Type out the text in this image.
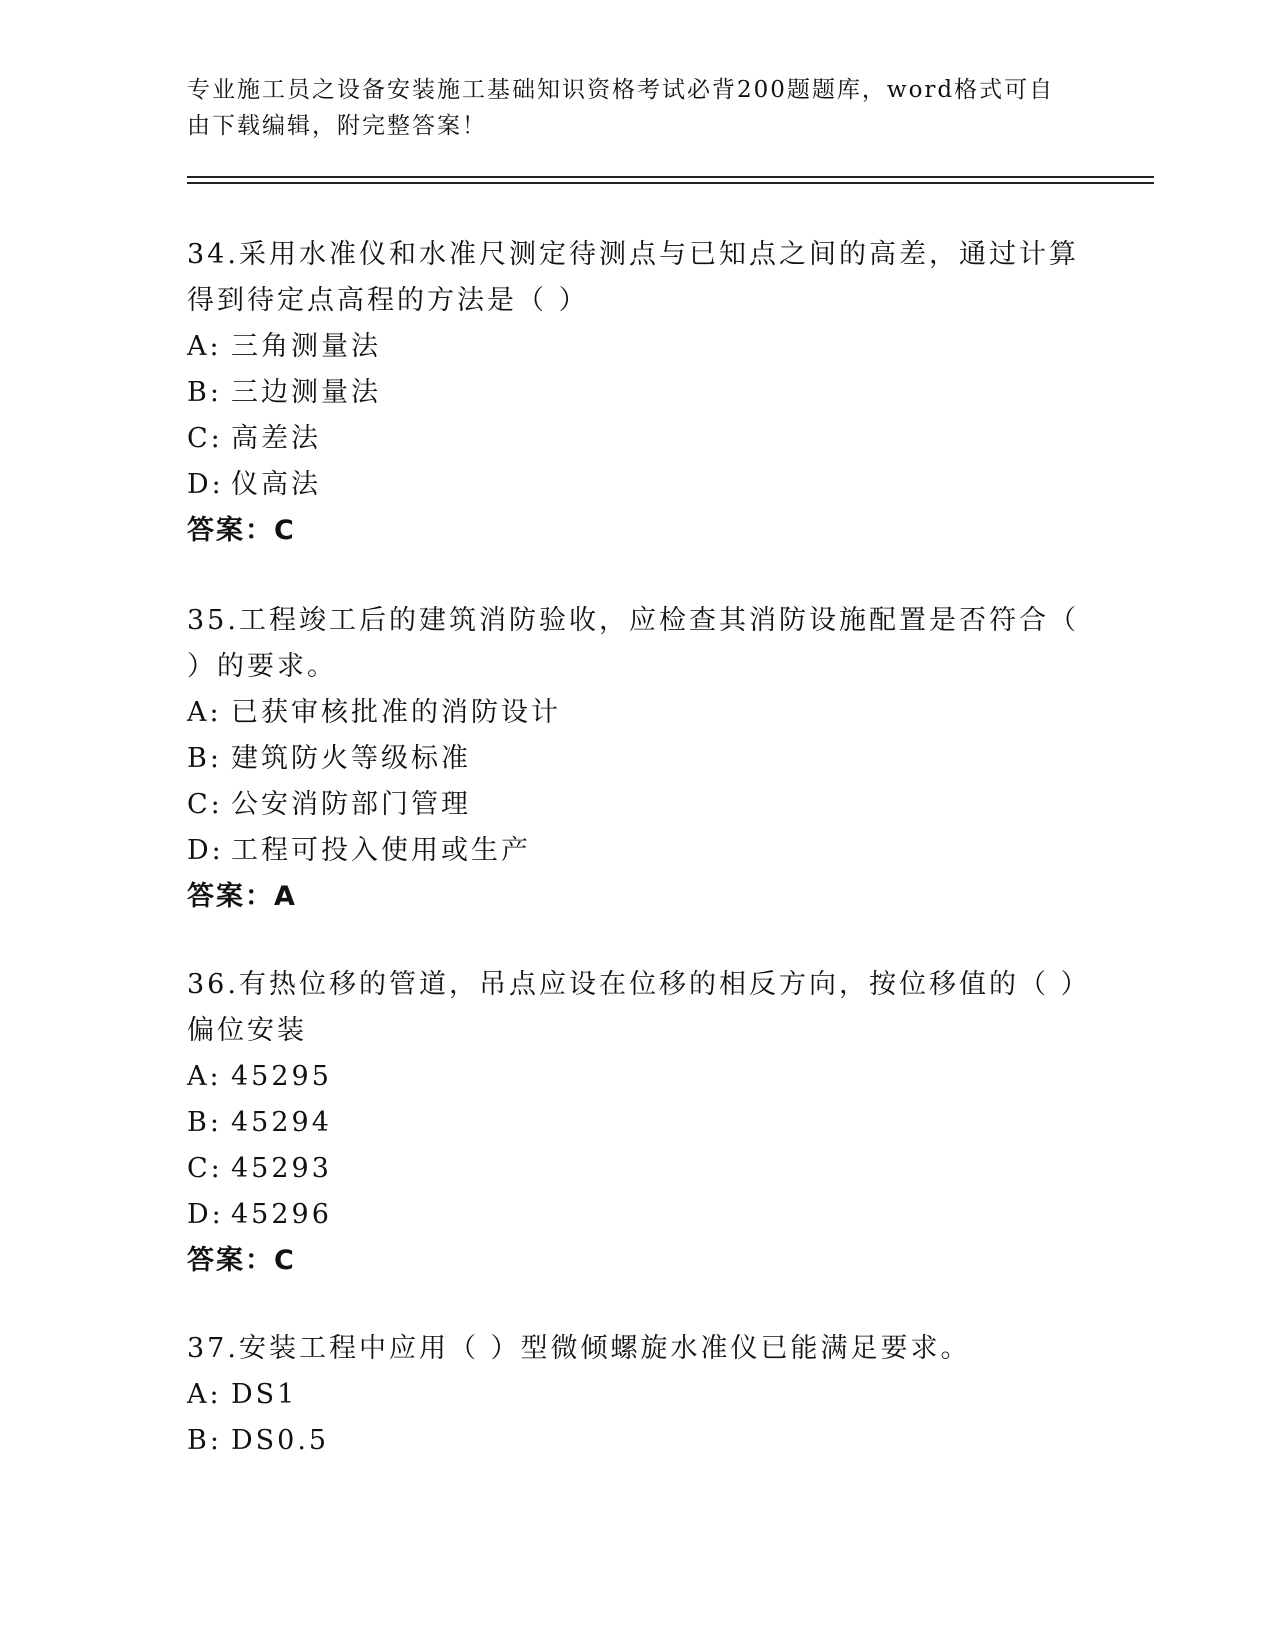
专业施工员之设备安装施工基础知识资格考试必背200题题库，word格式可自由下载编辑，附完整答案！

34.采用水准仪和水准尺测定待测点与已知点之间的高差，通过计算得到待定点高程的方法是（ ）

A: 三角测量法

B: 三边测量法

C: 高差法

D: 仪高法

答案：C

35.工程竣工后的建筑消防验收，应检查其消防设施配置是否符合（ ）的要求。

A: 已获审核批准的消防设计

B: 建筑防火等级标准

C: 公安消防部门管理

D: 工程可投入使用或生产

答案：A

36.有热位移的管道，吊点应设在位移的相反方向，按位移值的（ ）偏位安装

A: 45295

B: 45294

C: 45293

D: 45296

答案：C

37.安装工程中应用（ ）型微倾螺旋水准仪已能满足要求。

A: DS1

B: DS0.5
